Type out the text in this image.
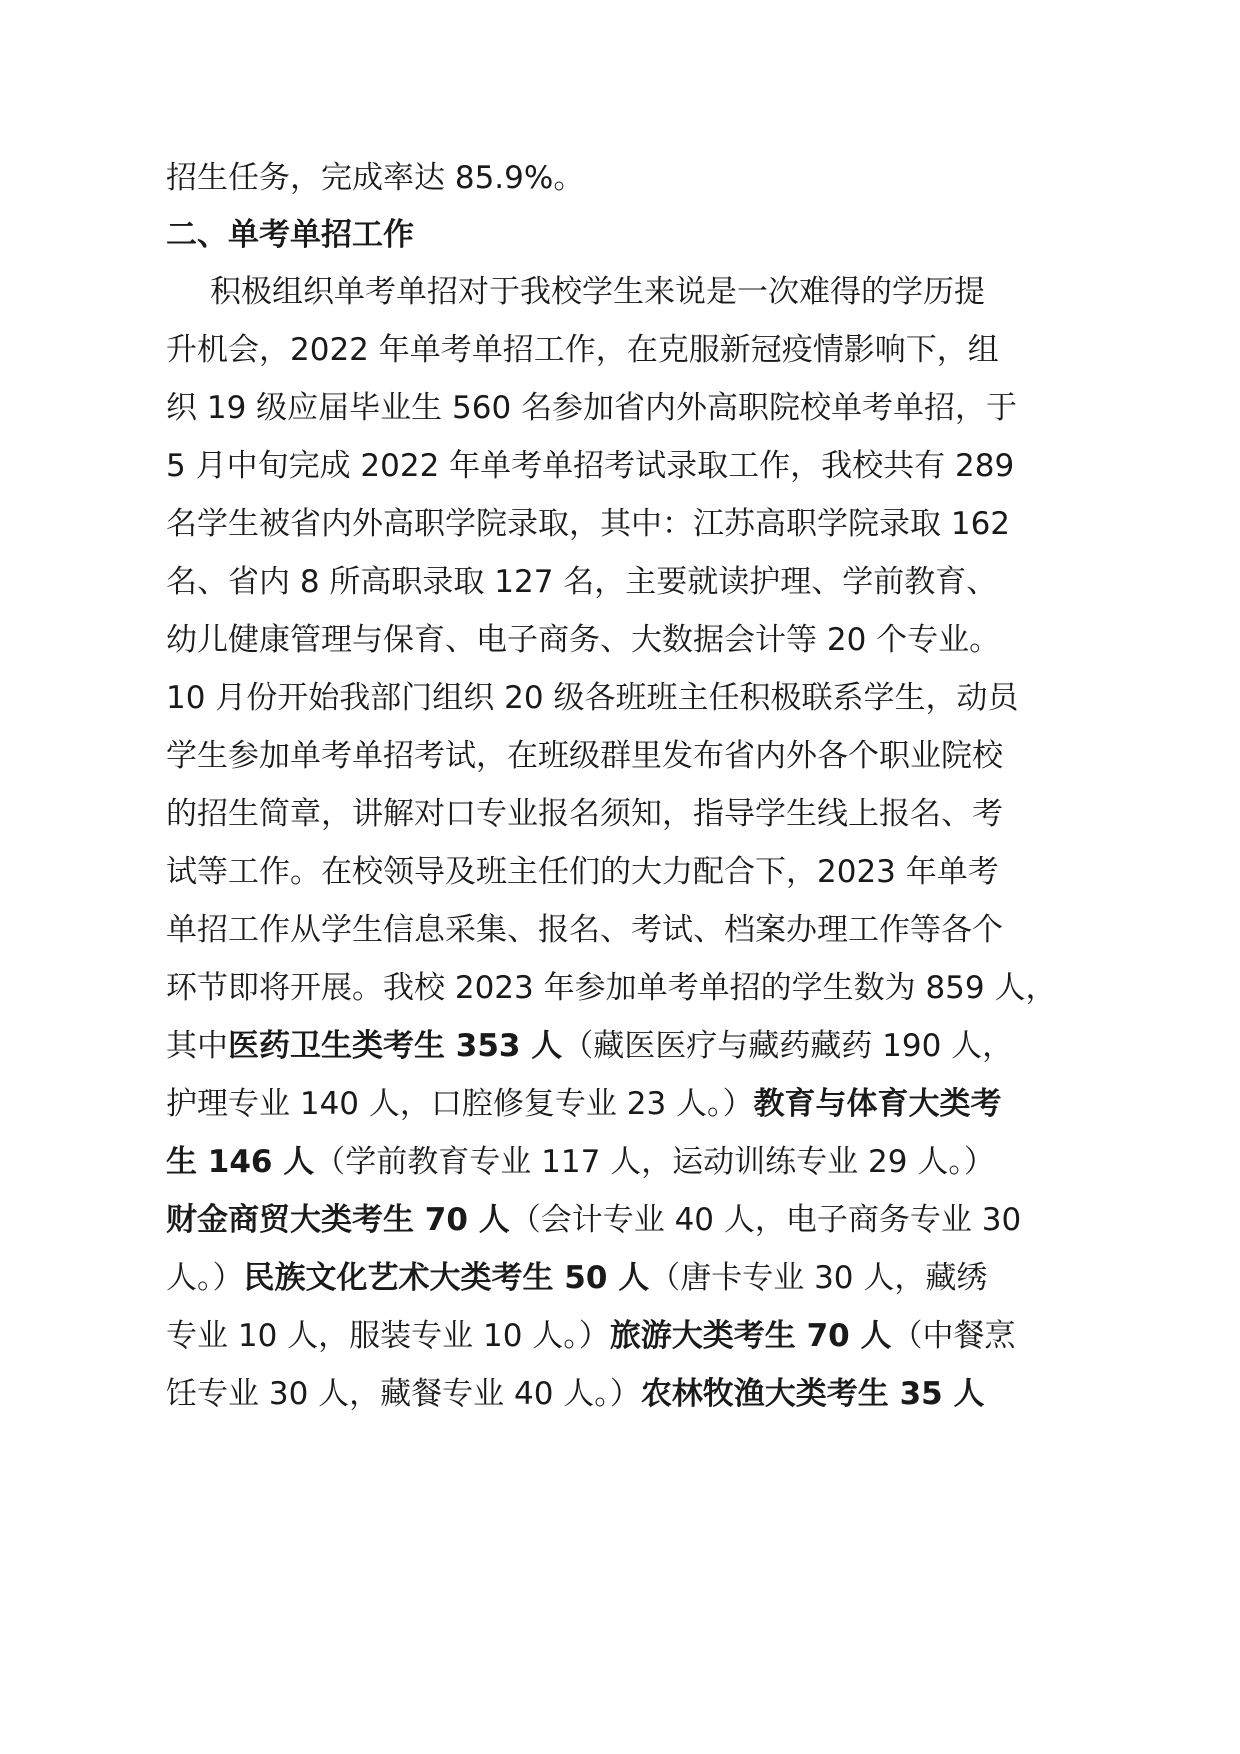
招生任务，完成率达 85.9%。
二、单考单招工作
积极组织单考单招对于我校学生来说是一次难得的学历提
升机会，2022 年单考单招工作，在克服新冠疫情影响下，组
织 19 级应届毕业生 560 名参加省内外高职院校单考单招，于
5 月中旬完成 2022 年单考单招考试录取工作，我校共有 289
名学生被省内外高职学院录取，其中：江苏高职学院录取 162
名、省内 8 所高职录取 127 名，主要就读护理、学前教育、
幼儿健康管理与保育、电子商务、大数据会计等 20 个专业。
10 月份开始我部门组织 20 级各班班主任积极联系学生，动员
学生参加单考单招考试，在班级群里发布省内外各个职业院校
的招生简章，讲解对口专业报名须知，指导学生线上报名、考
试等工作。在校领导及班主任们的大力配合下，2023 年单考
单招工作从学生信息采集、报名、考试、档案办理工作等各个
环节即将开展。我校 2023 年参加单考单招的学生数为 859 人，
其中医药卫生类考生 353 人（藏医医疗与藏药藏药 190 人，
护理专业 140 人，口腔修复专业 23 人。）教育与体育大类考
生 146 人（学前教育专业 117 人，运动训练专业 29 人。）
财金商贸大类考生 70 人（会计专业 40 人，电子商务专业 30
人。）民族文化艺术大类考生 50 人（唐卡专业 30 人，藏绣
专业 10 人，服装专业 10 人。）旅游大类考生 70 人（中餐烹
饪专业 30 人，藏餐专业 40 人。）农林牧渔大类考生 35 人
